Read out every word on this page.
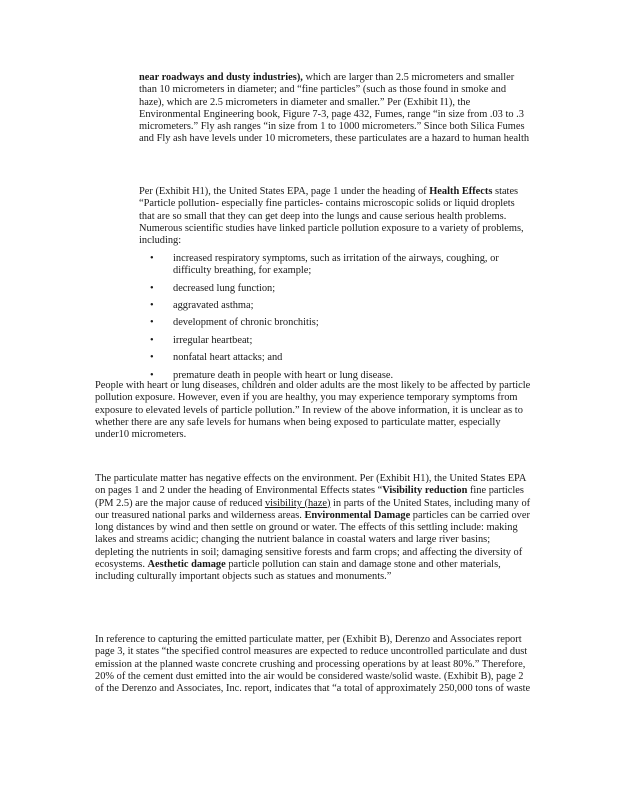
near roadways and dusty industries), which are larger than 2.5 micrometers and smaller than 10 micrometers in diameter; and “fine particles” (such as those found in smoke and haze), which are 2.5 micrometers in diameter and smaller.” Per (Exhibit I1), the Environmental Engineering book, Figure 7-3, page 432, Fumes, range “in size from .03 to .3 micrometers.” Fly ash ranges “in size from 1 to 1000 micrometers.” Since both Silica Fumes and Fly ash have levels under 10 micrometers, these particulates are a hazard to human health

Per (Exhibit H1), the United States EPA, page 1 under the heading of Health Effects states “Particle pollution- especially fine particles- contains microscopic solids or liquid droplets that are so small that they can get deep into the lungs and cause serious health problems. Numerous scientific studies have linked particle pollution exposure to a variety of problems, including:

• increased respiratory symptoms, such as irritation of the airways, coughing, or difficulty breathing, for example;
• decreased lung function;
• aggravated asthma;
• development of chronic bronchitis;
• irregular heartbeat;
• nonfatal heart attacks; and
• premature death in people with heart or lung disease.

People with heart or lung diseases, children and older adults are the most likely to be affected by particle pollution exposure. However, even if you are healthy, you may experience temporary symptoms from exposure to elevated levels of particle pollution.” In review of the above information, it is unclear as to whether there are any safe levels for humans when being exposed to particulate matter, especially under10 micrometers.

The particulate matter has negative effects on the environment. Per (Exhibit H1), the United States EPA on pages 1 and 2 under the heading of Environmental Effects states “Visibility reduction fine particles (PM 2.5) are the major cause of reduced visibility (haze) in parts of the United States, including many of our treasured national parks and wilderness areas. Environmental Damage particles can be carried over long distances by wind and then settle on ground or water. The effects of this settling include: making lakes and streams acidic; changing the nutrient balance in coastal waters and large river basins; depleting the nutrients in soil; damaging sensitive forests and farm crops; and affecting the diversity of ecosystems. Aesthetic damage particle pollution can stain and damage stone and other materials, including culturally important objects such as statues and monuments.”

In reference to capturing the emitted particulate matter, per (Exhibit B), Derenzo and Associates report page 3, it states “the specified control measures are expected to reduce uncontrolled particulate and dust emission at the planned waste concrete crushing and processing operations by at least 80%.” Therefore, 20% of the cement dust emitted into the air would be considered waste/solid waste. (Exhibit B), page 2 of the Derenzo and Associates, Inc. report, indicates that “a total of approximately 250,000 tons of waste
